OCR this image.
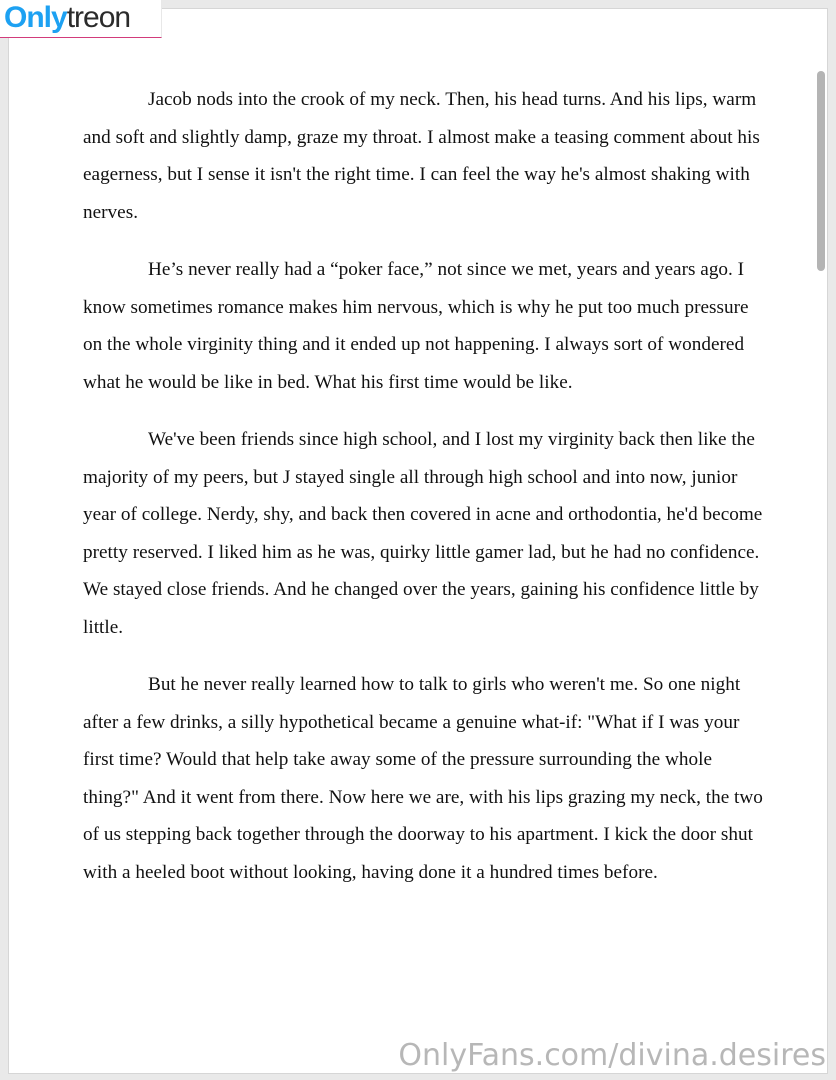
Jacob nods into the crook of my neck. Then, his head turns. And his lips, warm and soft and slightly damp, graze my throat. I almost make a teasing comment about his eagerness, but I sense it isn't the right time. I can feel the way he's almost shaking with nerves.

He’s never really had a “poker face,” not since we met, years and years ago. I know sometimes romance makes him nervous, which is why he put too much pressure on the whole virginity thing and it ended up not happening. I always sort of wondered what he would be like in bed. What his first time would be like.

We've been friends since high school, and I lost my virginity back then like the majority of my peers, but J stayed single all through high school and into now, junior year of college. Nerdy, shy, and back then covered in acne and orthodontia, he'd become pretty reserved. I liked him as he was, quirky little gamer lad, but he had no confidence. We stayed close friends. And he changed over the years, gaining his confidence little by little.

But he never really learned how to talk to girls who weren't me. So one night after a few drinks, a silly hypothetical became a genuine what-if: "What if I was your first time? Would that help take away some of the pressure surrounding the whole thing?" And it went from there. Now here we are, with his lips grazing my neck, the two of us stepping back together through the doorway to his apartment. I kick the door shut with a heeled boot without looking, having done it a hundred times before.

Onlytreon
OnlyFans.com/divina.desires
